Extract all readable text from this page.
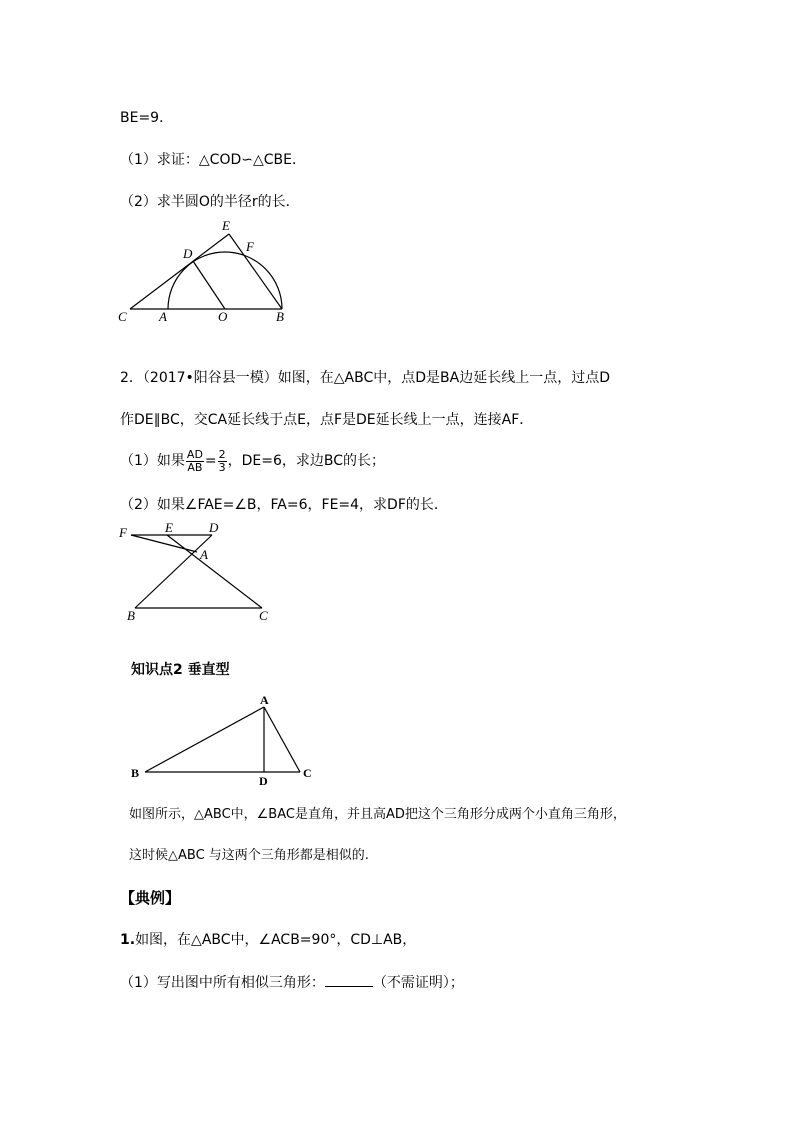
BE=9．
（1）求证：△COD∽△CBE．
（2）求半圆O的半径r的长．
C A	O	B
D
E
F
2．（2017•阳谷县一模）如图，在△ABC中，点D是BA边延长线上一点，过点D
作DE∥BC，交CA延长线于点E，点F是DE延长线上一点，连接AF．
（1）如果 $\frac{AD}{AB} = \frac{2}{3}$ ，DE=6，求边BC的长；
（2）如果∠FAE=∠B，FA=6，FE=4，求DF的长．
F	E	D
A
B	C
知识点2 垂直型
A
B
D
C
如图所示，△ABC中，∠BAC是直角，并且高AD把这个三角形分成两个小直角三角形，
这时候△ABC 与这两个三角形都是相似的.
【典例】
1.如图，在△ABC中，∠ACB=90°，CD⊥AB，
（1）写出图中所有相似三角形：	（不需证明）；
